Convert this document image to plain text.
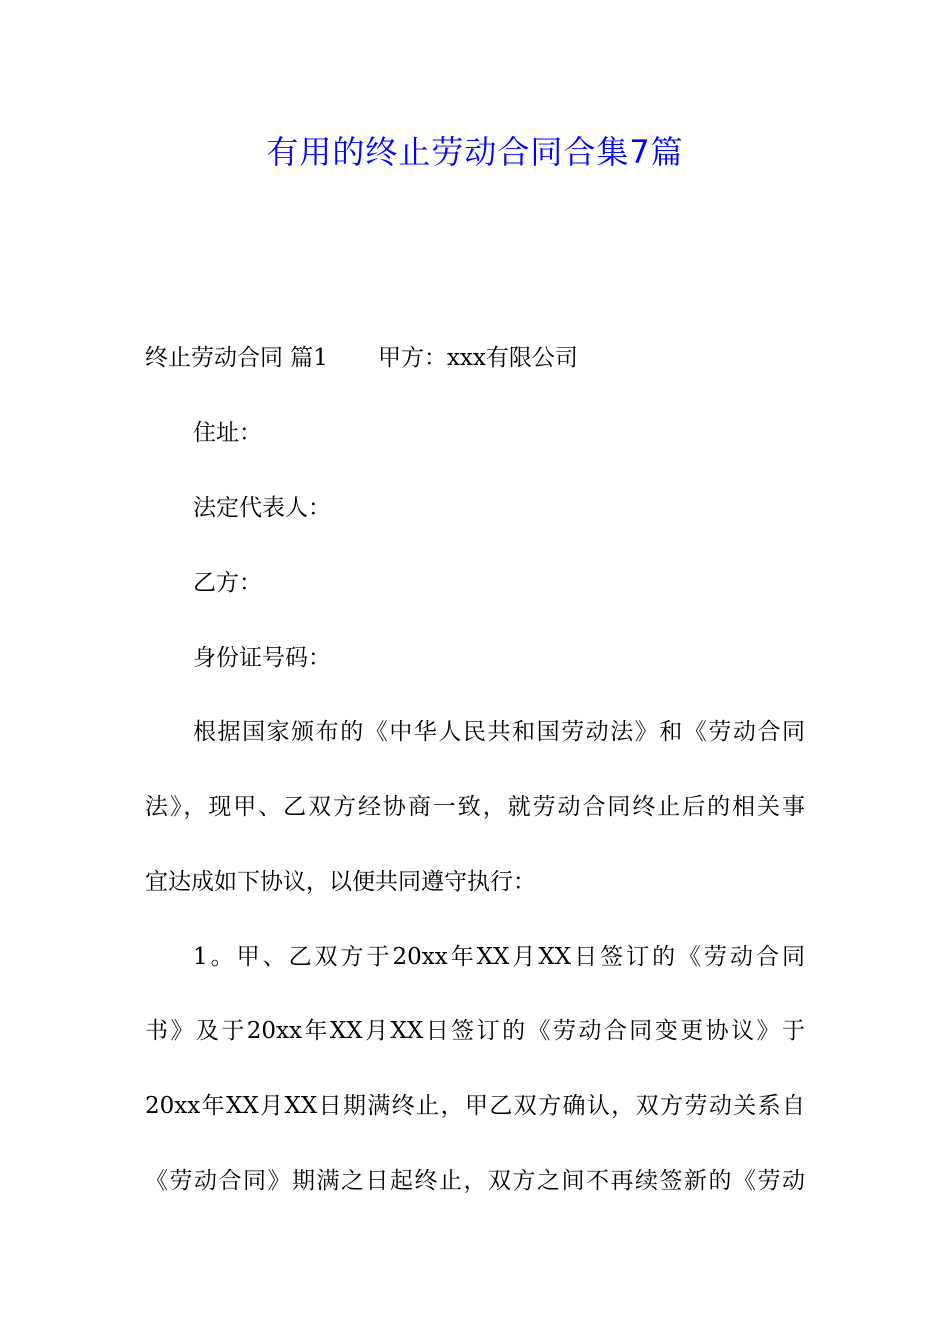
有用的终止劳动合同合集7篇
终止劳动合同 篇1 甲方：xxx有限公司
住址：
法定代表人：
乙方：
身份证号码：
根据国家颁布的《中华人民共和国劳动法》和《劳动合同
法》，现甲、乙双方经协商一致，就劳动合同终止后的相关事
宜达成如下协议，以便共同遵守执行：
1。甲、乙双方于20xx年XX月XX日签订的《劳动合同
书》及于20xx年XX月XX日签订的《劳动合同变更协议》于
20xx年XX月XX日期满终止，甲乙双方确认，双方劳动关系自
《劳动合同》期满之日起终止，双方之间不再续签新的《劳动
